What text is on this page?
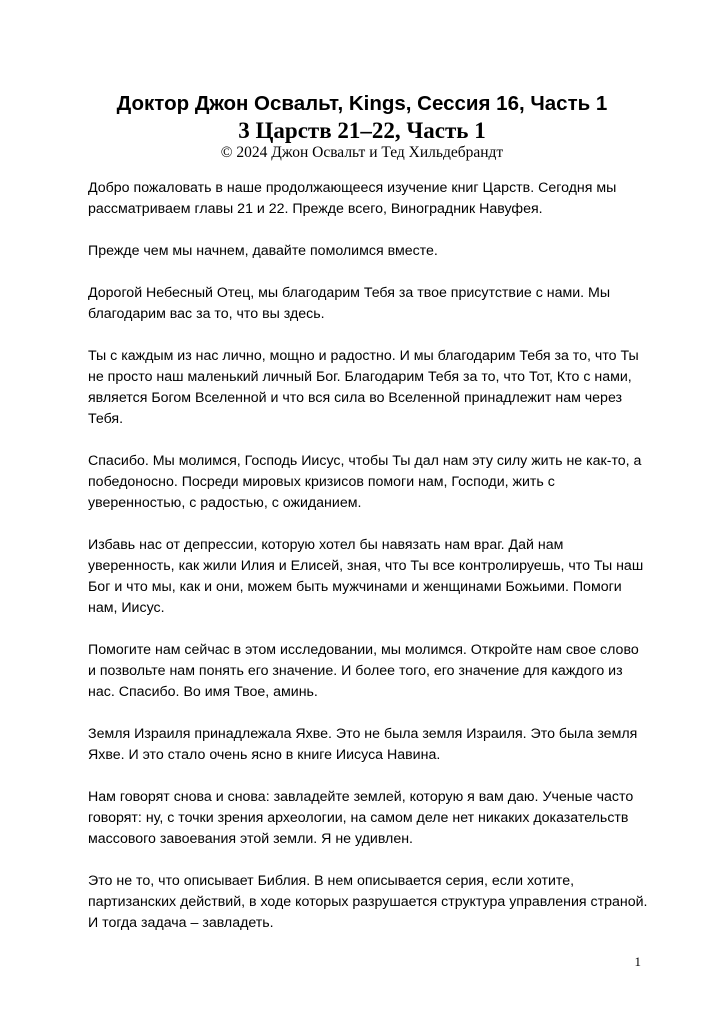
Доктор Джон Освальт, Kings, Сессия 16, Часть 1
3 Царств 21–22, Часть 1
© 2024 Джон Освальт и Тед Хильдебрандт

Добро пожаловать в наше продолжающееся изучение книг Царств. Сегодня мы рассматриваем главы 21 и 22. Прежде всего, Виноградник Навуфея.

Прежде чем мы начнем, давайте помолимся вместе.

Дорогой Небесный Отец, мы благодарим Тебя за твое присутствие с нами. Мы благодарим вас за то, что вы здесь.

Ты с каждым из нас лично, мощно и радостно. И мы благодарим Тебя за то, что Ты не просто наш маленький личный Бог. Благодарим Тебя за то, что Тот, Кто с нами, является Богом Вселенной и что вся сила во Вселенной принадлежит нам через Тебя.

Спасибо. Мы молимся, Господь Иисус, чтобы Ты дал нам эту силу жить не как-то, а победоносно. Посреди мировых кризисов помоги нам, Господи, жить с уверенностью, с радостью, с ожиданием.

Избавь нас от депрессии, которую хотел бы навязать нам враг. Дай нам уверенность, как жили Илия и Елисей, зная, что Ты все контролируешь, что Ты наш Бог и что мы, как и они, можем быть мужчинами и женщинами Божьими. Помоги нам, Иисус.

Помогите нам сейчас в этом исследовании, мы молимся. Откройте нам свое слово и позвольте нам понять его значение. И более того, его значение для каждого из нас. Спасибо. Во имя Твое, аминь.

Земля Израиля принадлежала Яхве. Это не была земля Израиля. Это была земля Яхве. И это стало очень ясно в книге Иисуса Навина.

Нам говорят снова и снова: завладейте землей, которую я вам даю. Ученые часто говорят: ну, с точки зрения археологии, на самом деле нет никаких доказательств массового завоевания этой земли. Я не удивлен.

Это не то, что описывает Библия. В нем описывается серия, если хотите, партизанских действий, в ходе которых разрушается структура управления страной. И тогда задача – завладеть.

1
